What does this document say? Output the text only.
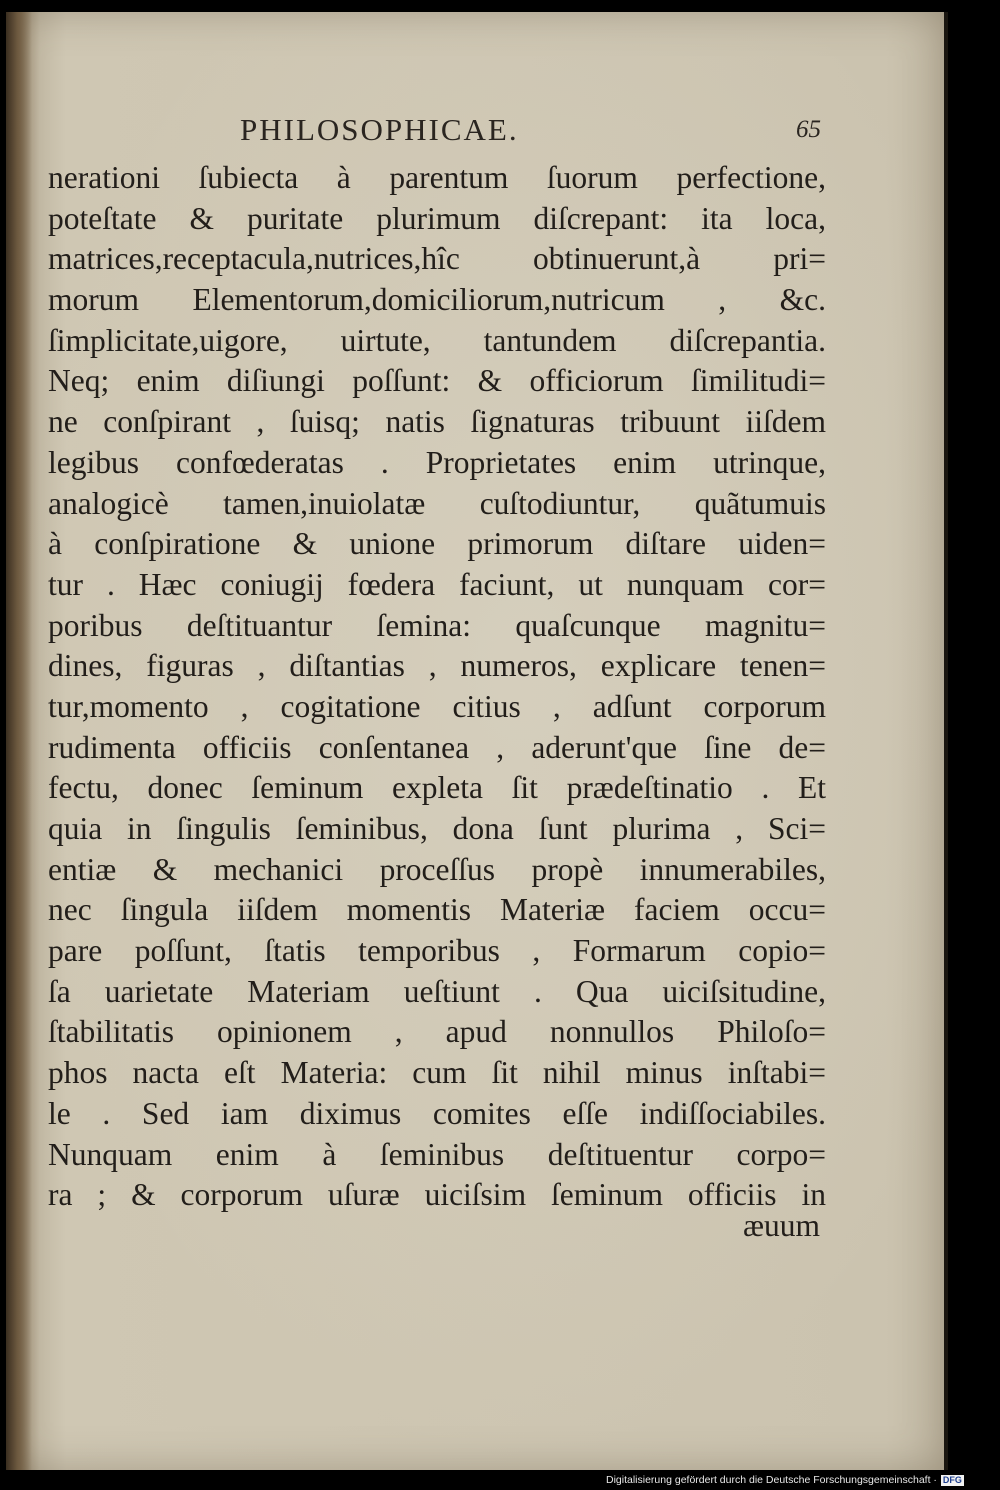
PHILOSOPHICAE.	65
nerationi ſubiecta à parentum ſuorum perfectione,
poteſtate & puritate plurimum diſcrepant: ita loca,
matrices,receptacula,nutrices,hîc obtinuerunt,à pri=
morum Elementorum,domiciliorum,nutricum , &c.
ſimplicitate,uigore, uirtute, tantundem diſcrepantia.
Neq; enim diſiungi poſſunt: & officiorum ſimilitudi=
ne conſpirant , ſuisq; natis ſignaturas tribuunt iiſdem
legibus confœderatas . Proprietates enim utrinque,
analogicè tamen,inuiolatæ cuſtodiuntur, quãtumuis
à conſpiratione & unione primorum diſtare uiden=
tur . Hæc coniugij fœdera faciunt, ut nunquam cor=
poribus deſtituantur ſemina: quaſcunque magnitu=
dines, figuras , diſtantias , numeros, explicare tenen=
tur,momento , cogitatione citius , adſunt corporum
rudimenta officiis conſentanea , aderunt'que ſine de=
fectu, donec ſeminum expleta ſit prædeſtinatio . Et
quia in ſingulis ſeminibus, dona ſunt plurima , Sci=
entiæ & mechanici proceſſus propè innumerabiles,
nec ſingula iiſdem momentis Materiæ faciem occu=
pare poſſunt, ſtatis temporibus , Formarum copio=
ſa uarietate Materiam ueſtiunt . Qua uiciſsitudine,
ſtabilitatis opinionem , apud nonnullos Philoſo=
phos nacta eſt Materia: cum ſit nihil minus inſtabi=
le . Sed iam diximus comites eſſe indiſſociabiles.
Nunquam enim à ſeminibus deſtituentur corpo=
ra ; & corporum uſuræ uiciſsim ſeminum officiis in
æuum
Digitalisierung gefördert durch die Deutsche Forschungsgemeinschaft · DFG
